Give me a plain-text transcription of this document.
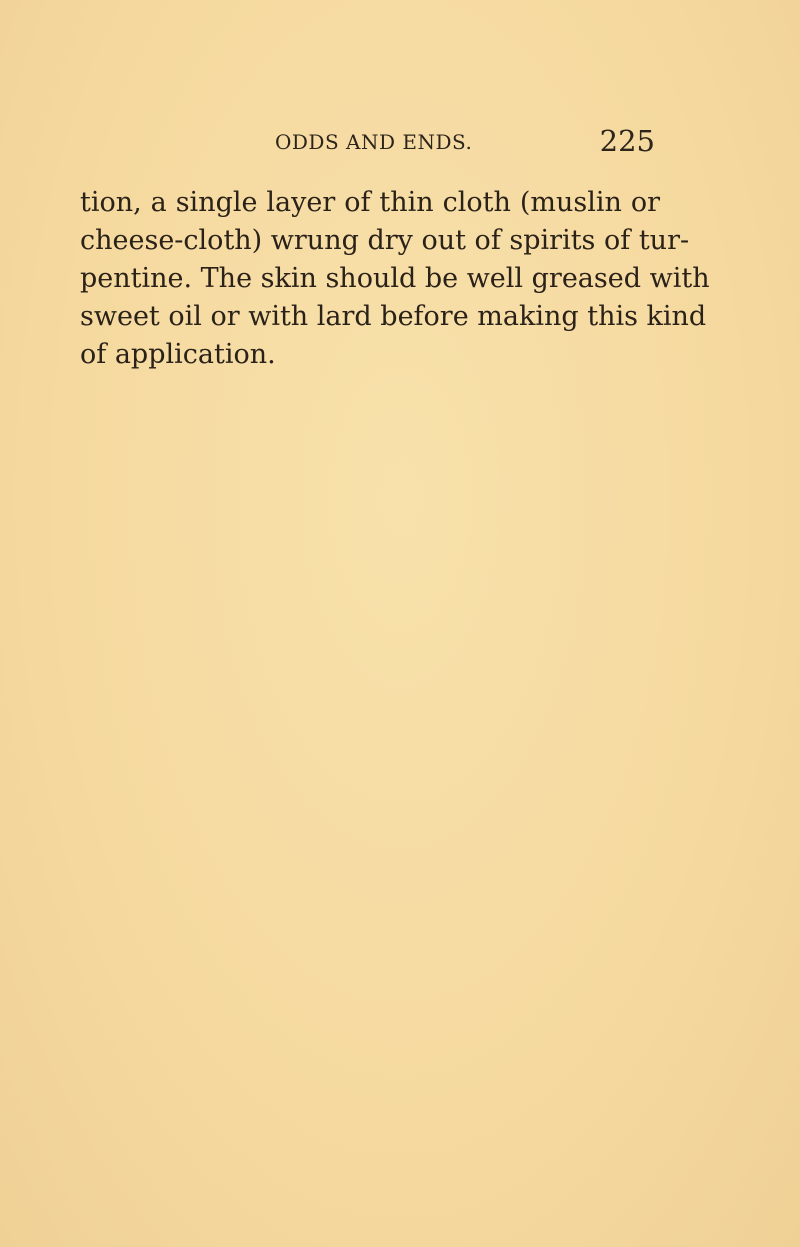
ODDS AND ENDS.	225

tion, a single layer of thin cloth (muslin or
cheese-cloth) wrung dry out of spirits of tur-
pentine. The skin should be well greased with
sweet oil or with lard before making this kind
of application.
